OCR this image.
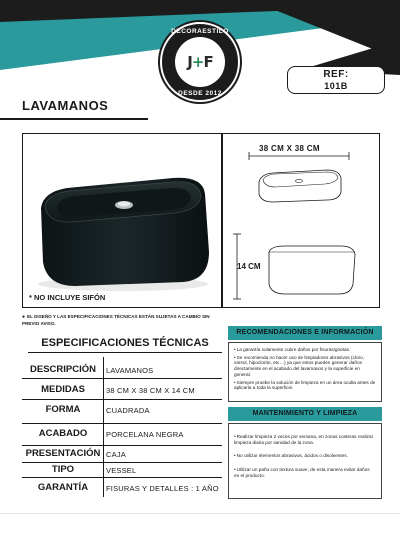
DECORAESTILO
J+F
DESDE 2012
REF:
101B
LAVAMANOS
* NO INCLUYE SIFÓN
38 CM X 38 CM
14 CM
● EL DISEÑO Y LAS ESPECIFICACIONES TÉCNICAS ESTÁN SUJETAS A CAMBIO SIN PREVIO AVISO.
ESPECIFICACIONES TÉCNICAS
DESCRIPCIÓN	LAVAMANOS
MEDIDAS	38 CM X 38 CM X 14 CM
FORMA	CUADRADA
ACABADO	PORCELANA NEGRA
PRESENTACIÓN CAJA
TIPO	VESSEL
GARANTÍA	FISURAS Y DETALLES : 1 AÑO
RECOMENDACIONES E INFORMACIÓN
•La garantía solamente cubre daños por fisuras/grietas.
•Se recomienda no hacer uso de limpiadores abrasivos (cloro, varsol, hipoclorito, etc…) ya que estos pueden generar daños directamente en el acabado del lavamanos y la superficie en general.
•Siempre pruebe la solución de limpieza en un área oculta antes de aplicarla a toda la superficie.
MANTENIMIENTO Y LIMPIEZA
•Realizar limpieza 2 veces por semana, en zonas costeras realizar limpieza diaria por sanidad de la zona.
•No utilizar elementos abrasivos, ácidos o disolventes.
•Utilizar un paño con textura suave, de esta manera evitar daños en el producto.
